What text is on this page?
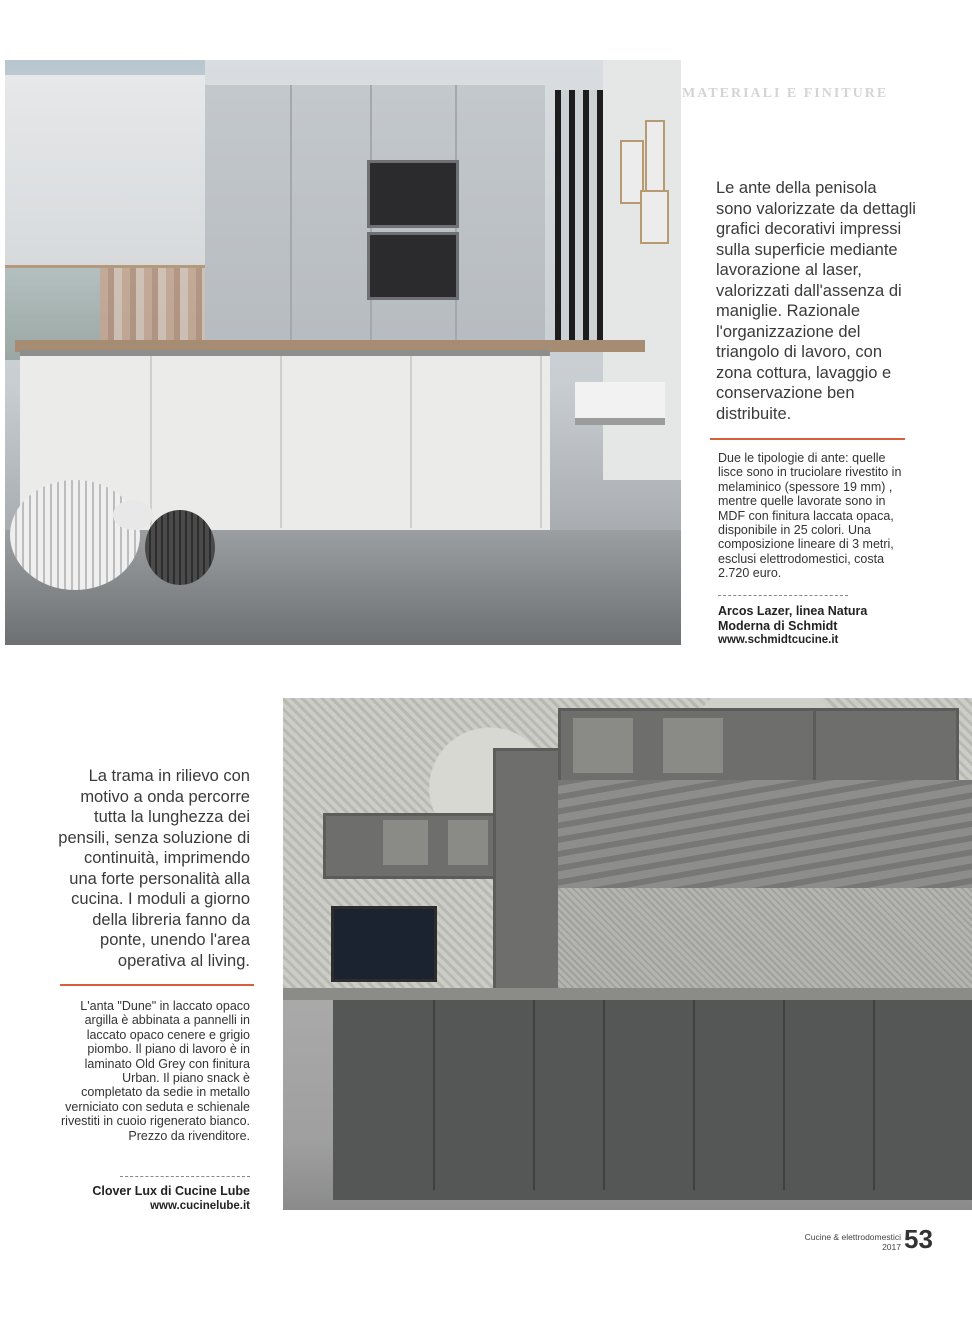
MATERIALI E FINITURE
Le ante della penisola sono valorizzate da dettagli grafici decorativi impressi sulla superficie mediante lavorazione al laser, valorizzati dall'assenza di maniglie. Razionale l'organizzazione del triangolo di lavoro, con zona cottura, lavaggio e conservazione ben distribuite.
Due le tipologie di ante: quelle lisce sono in truciolare rivestito in melaminico (spessore 19 mm) , mentre quelle lavorate sono in MDF con finitura laccata opaca, disponibile in 25 colori. Una composizione lineare di 3 metri, esclusi elettrodomestici, costa 2.720 euro.
Arcos Lazer, linea Natura
Moderna di Schmidt
www.schmidtcucine.it
La trama in rilievo con motivo a onda percorre tutta la lunghezza dei pensili, senza soluzione di continuità, imprimendo una forte personalità alla cucina. I moduli a giorno della libreria fanno da ponte, unendo l'area operativa al living.
L'anta "Dune" in laccato opaco argilla è abbinata a pannelli in laccato opaco cenere e grigio piombo. Il piano di lavoro è in laminato Old Grey con finitura Urban. Il piano snack è completato da sedie in metallo verniciato con seduta e schienale rivestiti in cuoio rigenerato bianco. Prezzo da rivenditore.
Clover Lux di Cucine Lube
www.cucinelube.it
Cucine & elettrodomestici
2017 53
